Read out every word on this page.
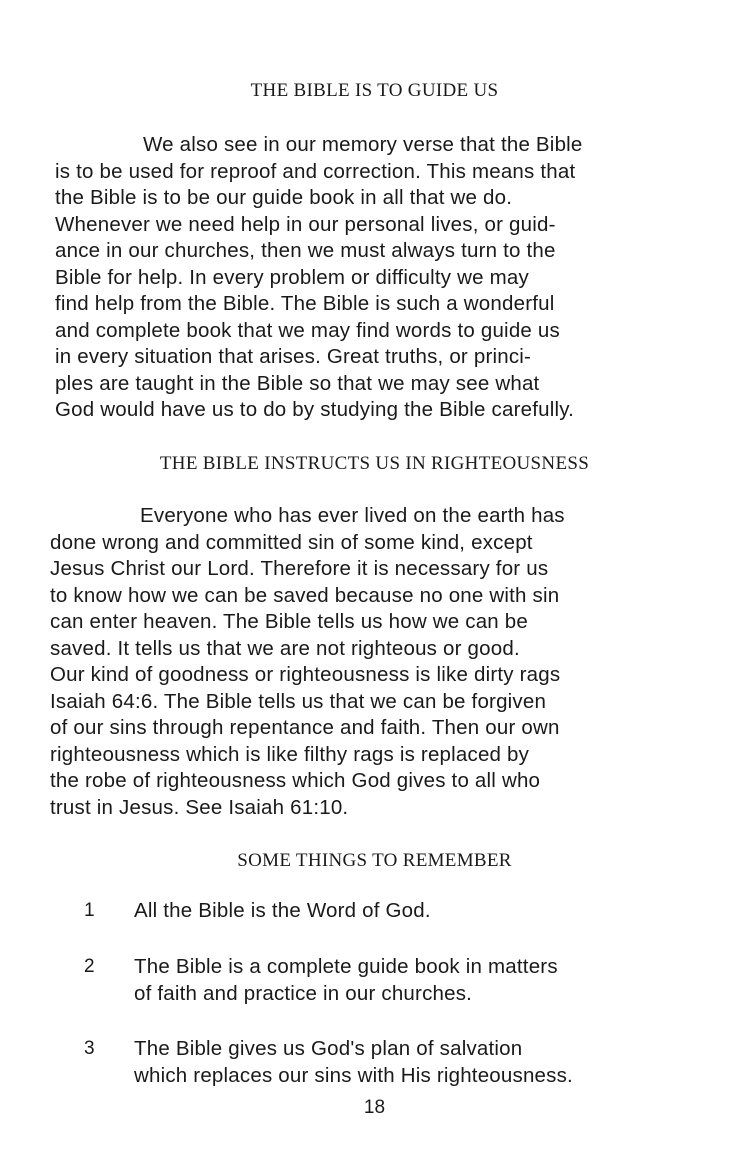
THE BIBLE IS TO GUIDE US
THE BIBLE INSTRUCTS US IN RIGHTEOUSNESS
SOME THINGS TO REMEMBER
18
We also see in our memory verse that the Bible
is to be used for reproof and correction. This means that
the Bible is to be our guide book in all that we do.
Whenever we need help in our personal lives, or guid-
ance in our churches, then we must always turn to the
Bible for help. In every problem or difficulty we may
find help from the Bible. The Bible is such a wonderful
and complete book that we may find words to guide us
in every situation that arises. Great truths, or princi-
ples are taught in the Bible so that we may see what
God would have us to do by studying the Bible carefully.
Everyone who has ever lived on the earth has
done wrong and committed sin of some kind, except
Jesus Christ our Lord. Therefore it is necessary for us
to know how we can be saved because no one with sin
can enter heaven. The Bible tells us how we can be
saved. It tells us that we are not righteous or good.
Our kind of goodness or righteousness is like dirty rags
Isaiah 64:6. The Bible tells us that we can be forgiven
of our sins through repentance and faith. Then our own
righteousness which is like filthy rags is replaced by
the robe of righteousness which God gives to all who
trust in Jesus. See Isaiah 61:10.
1 All the Bible is the Word of God.
2 The Bible is a complete guide book in matters
of faith and practice in our churches.
3 The Bible gives us God's plan of salvation
which replaces our sins with His righteousness.
